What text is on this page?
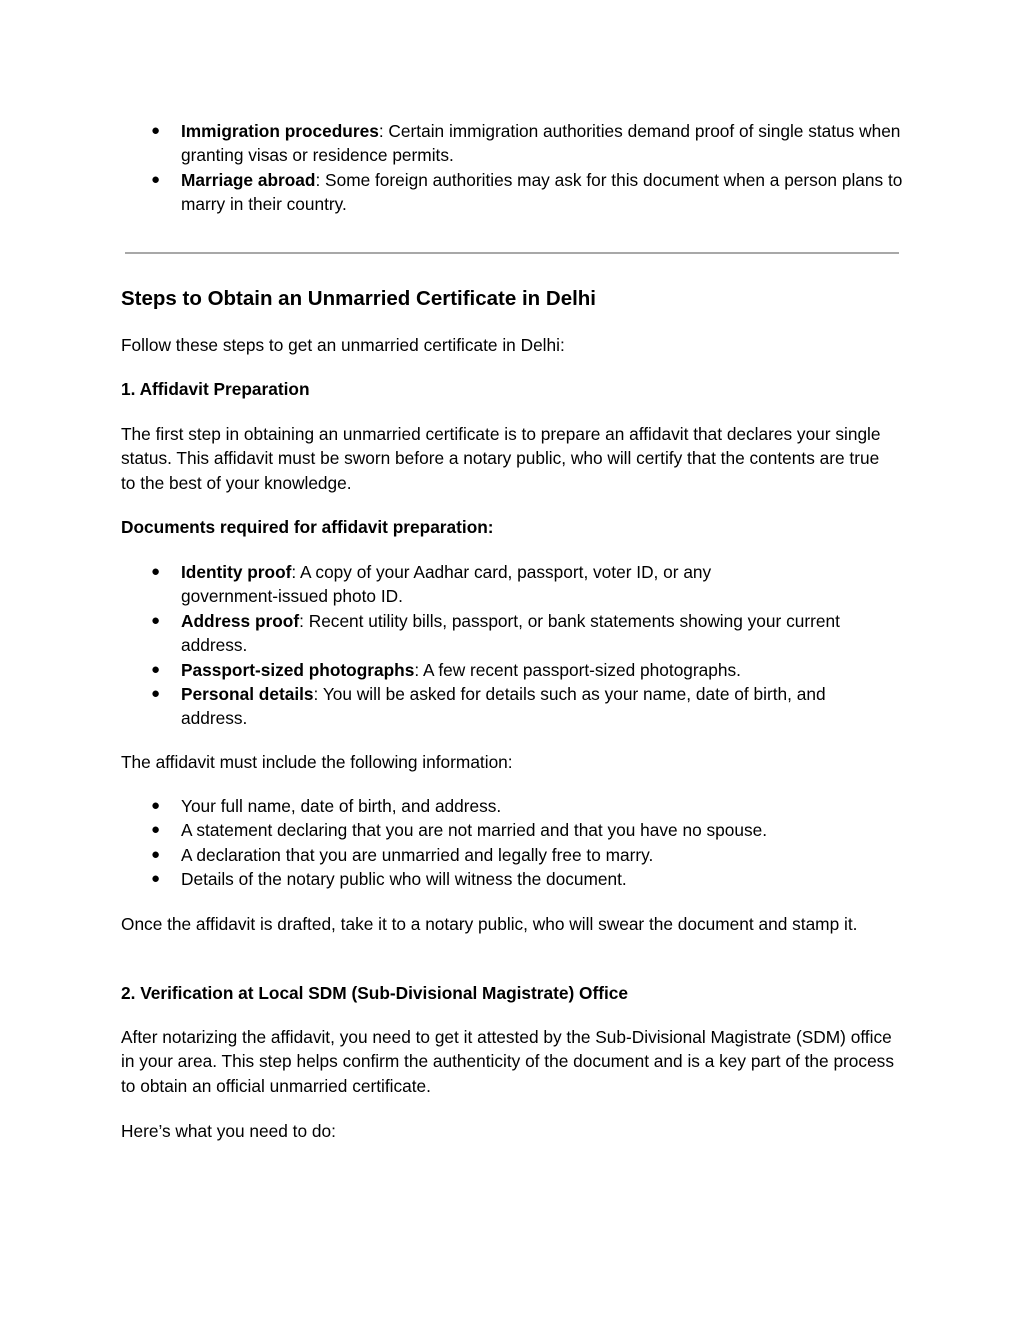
● Immigration procedures: Certain immigration authorities demand proof of single status when granting visas or residence permits.
● Marriage abroad: Some foreign authorities may ask for this document when a person plans to marry in their country.
Steps to Obtain an Unmarried Certificate in Delhi

Follow these steps to get an unmarried certificate in Delhi:

1. Affidavit Preparation

The first step in obtaining an unmarried certificate is to prepare an affidavit that declares your single status. This affidavit must be sworn before a notary public, who will certify that the contents are true to the best of your knowledge.

Documents required for affidavit preparation:

● Identity proof: A copy of your Aadhar card, passport, voter ID, or any government-issued photo ID.
● Address proof: Recent utility bills, passport, or bank statements showing your current address.
● Passport-sized photographs: A few recent passport-sized photographs.
● Personal details: You will be asked for details such as your name, date of birth, and address.

The affidavit must include the following information:

● Your full name, date of birth, and address.
● A statement declaring that you are not married and that you have no spouse.
● A declaration that you are unmarried and legally free to marry.
● Details of the notary public who will witness the document.

Once the affidavit is drafted, take it to a notary public, who will swear the document and stamp it.

2. Verification at Local SDM (Sub-Divisional Magistrate) Office

After notarizing the affidavit, you need to get it attested by the Sub-Divisional Magistrate (SDM) office in your area. This step helps confirm the authenticity of the document and is a key part of the process to obtain an official unmarried certificate.

Here’s what you need to do:
